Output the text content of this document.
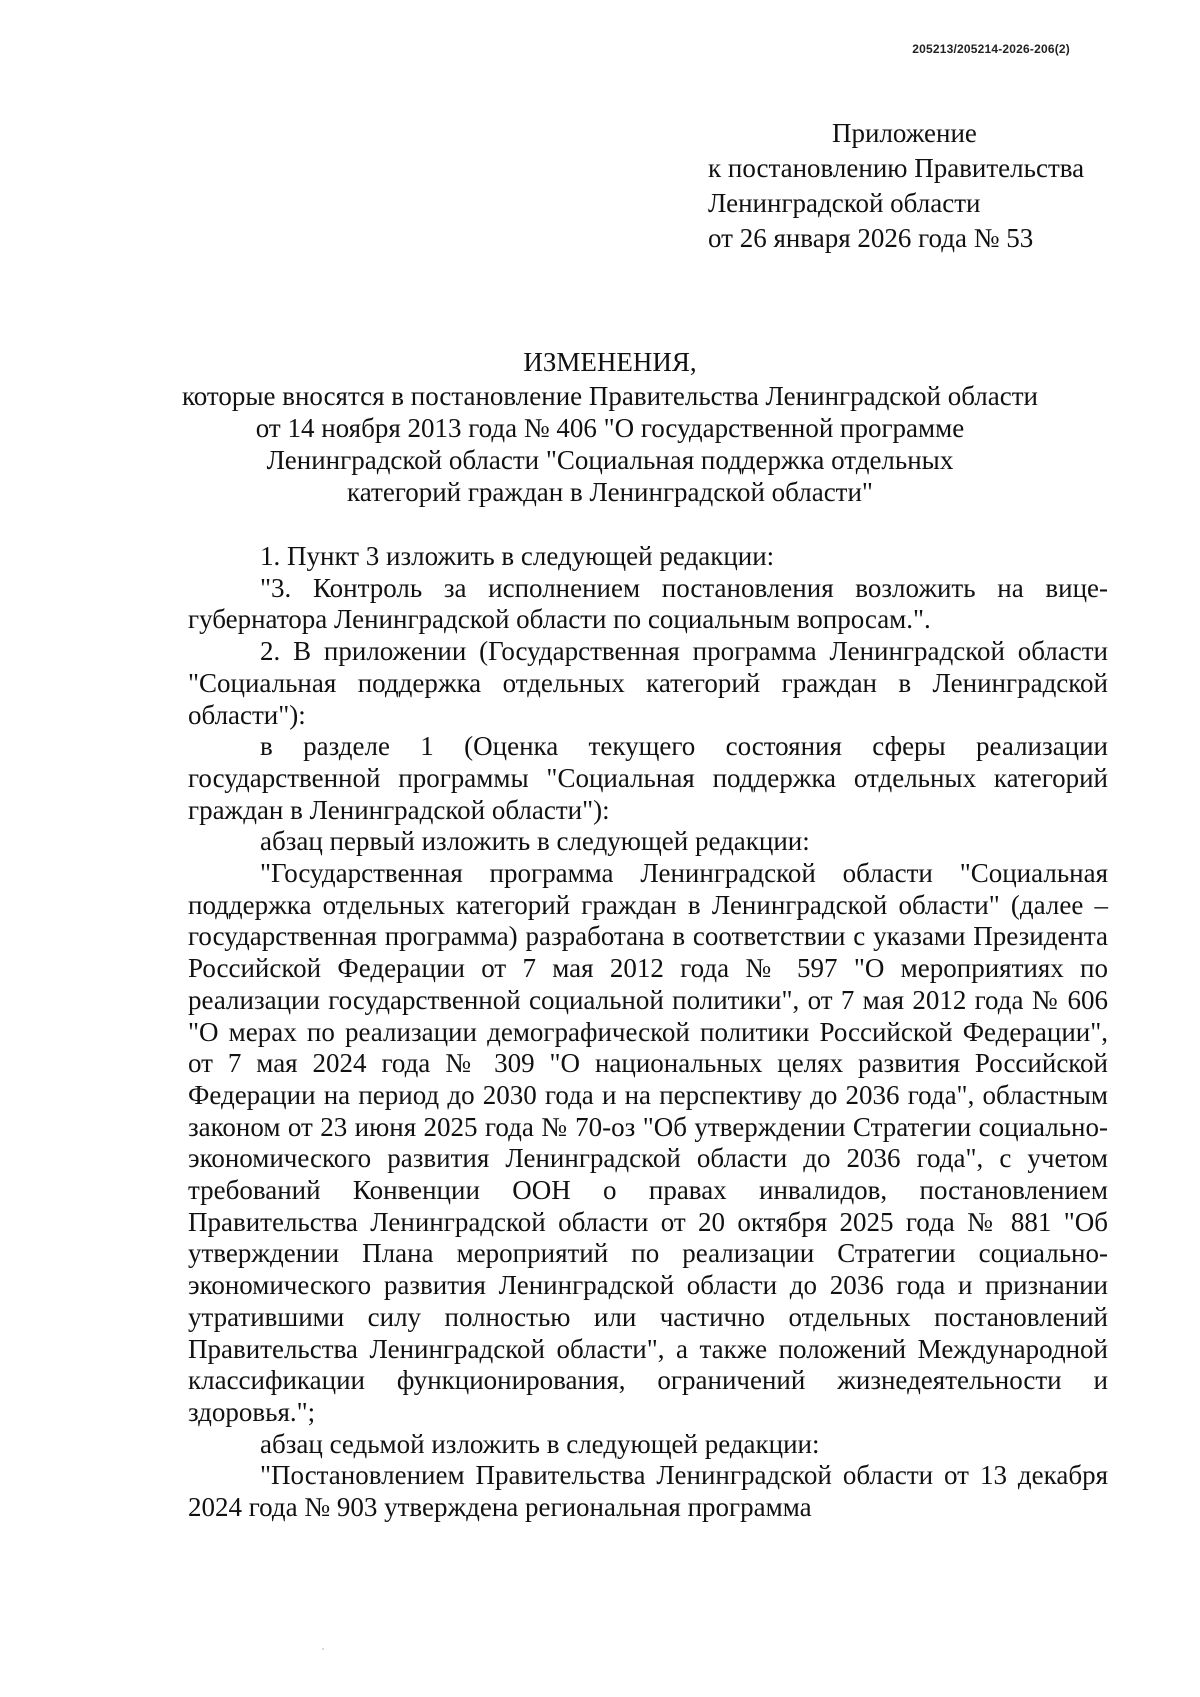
205213/205214-2026-206(2)
Приложение
к постановлению Правительства
Ленинградской области
от 26 января 2026 года № 53
ИЗМЕНЕНИЯ,
которые вносятся в постановление Правительства Ленинградской области
от 14 ноября 2013 года № 406 "О государственной программе
Ленинградской области "Социальная поддержка отдельных
категорий граждан в Ленинградской области"

1. Пункт 3 изложить в следующей редакции:

"3. Контроль за исполнением постановления возложить на вице-губернатора Ленинградской области по социальным вопросам.".

2. В приложении (Государственная программа Ленинградской области "Социальная поддержка отдельных категорий граждан в Ленинградской области"):

в разделе 1 (Оценка текущего состояния сферы реализации государственной программы "Социальная поддержка отдельных категорий граждан в Ленинградской области"):

абзац первый изложить в следующей редакции:

"Государственная программа Ленинградской области "Социальная поддержка отдельных категорий граждан в Ленинградской области" (далее – государственная программа) разработана в соответствии с указами Президента Российской Федерации от 7 мая 2012 года № 597 "О мероприятиях по реализации государственной социальной политики", от 7 мая 2012 года № 606 "О мерах по реализации демографической политики Российской Федерации", от 7 мая 2024 года № 309 "О национальных целях развития Российской Федерации на период до 2030 года и на перспективу до 2036 года", областным законом от 23 июня 2025 года № 70-оз "Об утверждении Стратегии социально-экономического развития Ленинградской области до 2036 года", с учетом требований Конвенции ООН о правах инвалидов, постановлением Правительства Ленинградской области от 20 октября 2025 года № 881 "Об утверждении Плана мероприятий по реализации Стратегии социально-экономического развития Ленинградской области до 2036 года и признании утратившими силу полностью или частично отдельных постановлений Правительства Ленинградской области", а также положений Международной классификации функционирования, ограничений жизнедеятельности и здоровья.";

абзац седьмой изложить в следующей редакции:

"Постановлением Правительства Ленинградской области от 13 декабря 2024 года № 903 утверждена региональная программа
